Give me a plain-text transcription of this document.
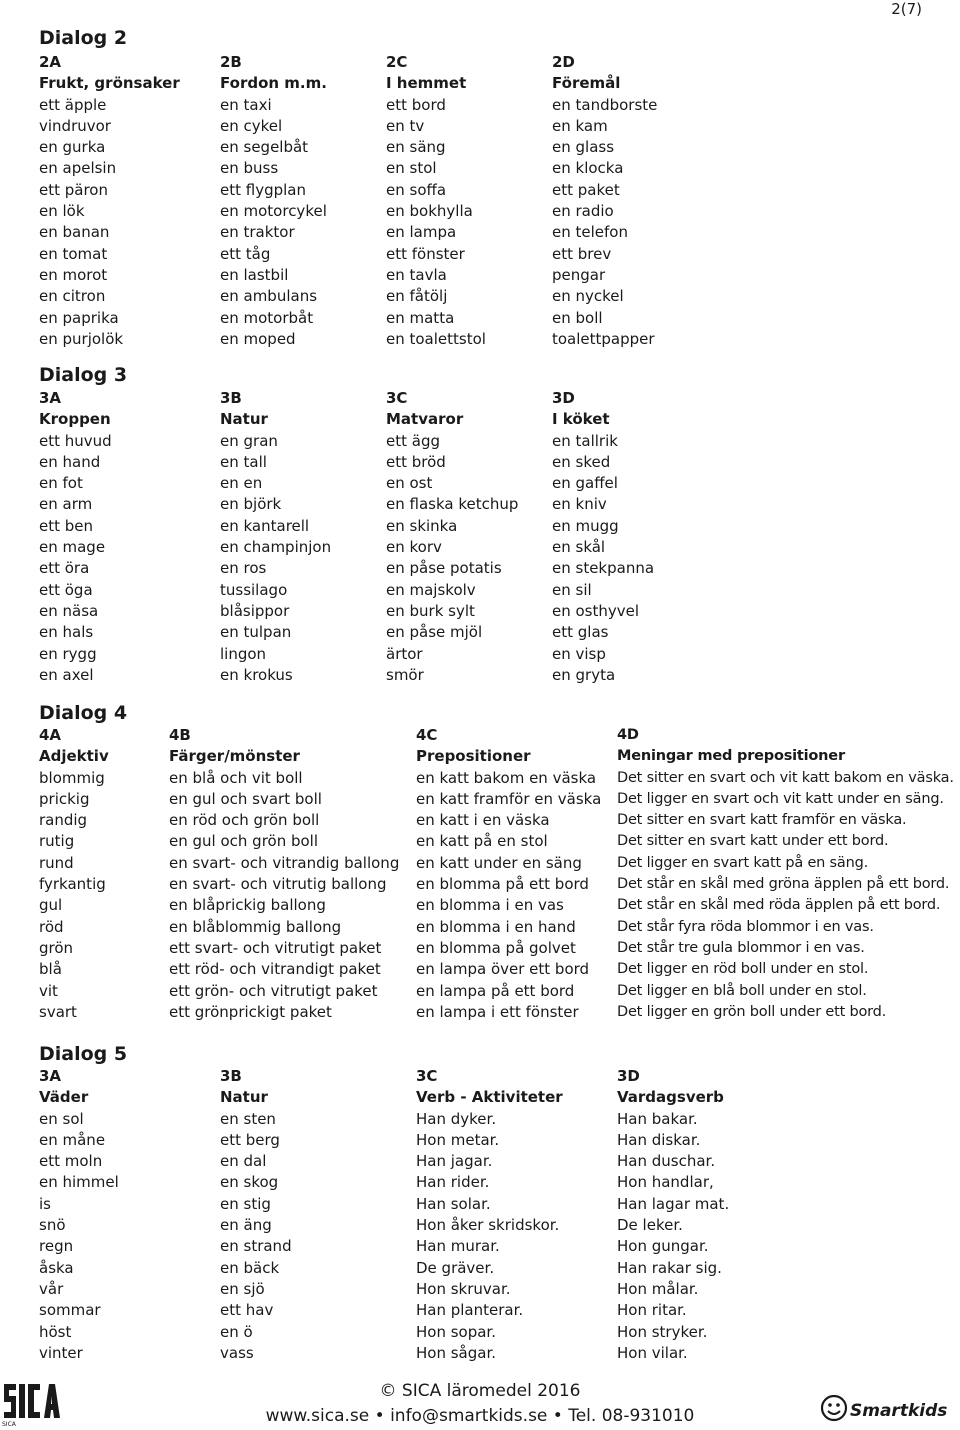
2(7)
Dialog 2
2A
Frukt, grönsaker
ett äpple
vindruvor
en gurka
en apelsin
ett päron
en lök
en banan
en tomat
en morot
en citron
en paprika
en purjolök
2B
Fordon m.m.
en taxi
en cykel
en segelbåt
en buss
ett flygplan
en motorcykel
en traktor
ett tåg
en lastbil
en ambulans
en motorbåt
en moped
2C
I hemmet
ett bord
en tv
en säng
en stol
en soffa
en bokhylla
en lampa
ett fönster
en tavla
en fåtölj
en matta
en toalettstol
2D
Föremål
en tandborste
en kam
en glass
en klocka
ett paket
en radio
en telefon
ett brev
pengar
en nyckel
en boll
toalettpapper
Dialog 3
3A
Kroppen
ett huvud
en hand
en fot
en arm
ett ben
en mage
ett öra
ett öga
en näsa
en hals
en rygg
en axel
3B
Natur
en gran
en tall
en en
en björk
en kantarell
en champinjon
en ros
tussilago
blåsippor
en tulpan
lingon
en krokus
3C
Matvaror
ett ägg
ett bröd
en ost
en flaska ketchup
en skinka
en korv
en påse potatis
en majskolv
en burk sylt
en påse mjöl
ärtor
smör
3D
I köket
en tallrik
en sked
en gaffel
en kniv
en mugg
en skål
en stekpanna
en sil
en osthyvel
ett glas
en visp
en gryta
Dialog 4
4A
Adjektiv
blommig
prickig
randig
rutig
rund
fyrkantig
gul
röd
grön
blå
vit
svart
4B
Färger/mönster
en blå och vit boll
en gul och svart boll
en röd och grön boll
en gul och grön boll
en svart- och vitrandig ballong
en svart- och vitrutig ballong
en blåprickig ballong
en blåblommig ballong
ett svart- och vitrutigt paket
ett röd- och vitrandigt paket
ett grön- och vitrutigt paket
ett grönprickigt paket
4C
Prepositioner
en katt bakom en väska
en katt framför en väska
en katt i en väska
en katt på en stol
en katt under en säng
en blomma på ett bord
en blomma i en vas
en blomma i en hand
en blomma på golvet
en lampa över ett bord
en lampa på ett bord
en lampa i ett fönster
4D
Meningar med prepositioner
Det sitter en svart och vit katt bakom en väska.
Det ligger en svart och vit katt under en säng.
Det sitter en svart katt framför en väska.
Det sitter en svart katt under ett bord.
Det ligger en svart katt på en säng.
Det står en skål med gröna äpplen på ett bord.
Det står en skål med röda äpplen på ett bord.
Det står fyra röda blommor i en vas.
Det står tre gula blommor i en vas.
Det ligger en röd boll under en stol.
Det ligger en blå boll under en stol.
Det ligger en grön boll under ett bord.
Dialog 5
3A
Väder
en sol
en måne
ett moln
en himmel
is
snö
regn
åska
vår
sommar
höst
vinter
3B
Natur
en sten
ett berg
en dal
en skog
en stig
en äng
en strand
en bäck
en sjö
ett hav
en ö
vass
3C
Verb - Aktiviteter
Han dyker.
Hon metar.
Han jagar.
Han rider.
Han solar.
Hon åker skridskor.
Han murar.
De gräver.
Hon skruvar.
Han planterar.
Hon sopar.
Hon sågar.
3D
Vardagsverb
Han bakar.
Han diskar.
Han duschar.
Hon handlar,
Han lagar mat.
De leker.
Hon gungar.
Han rakar sig.
Hon målar.
Hon ritar.
Hon stryker.
Hon vilar.
© SICA läromedel 2016
www.sica.se • info@smartkids.se • Tel. 08-931010
SICA
Smartkids
